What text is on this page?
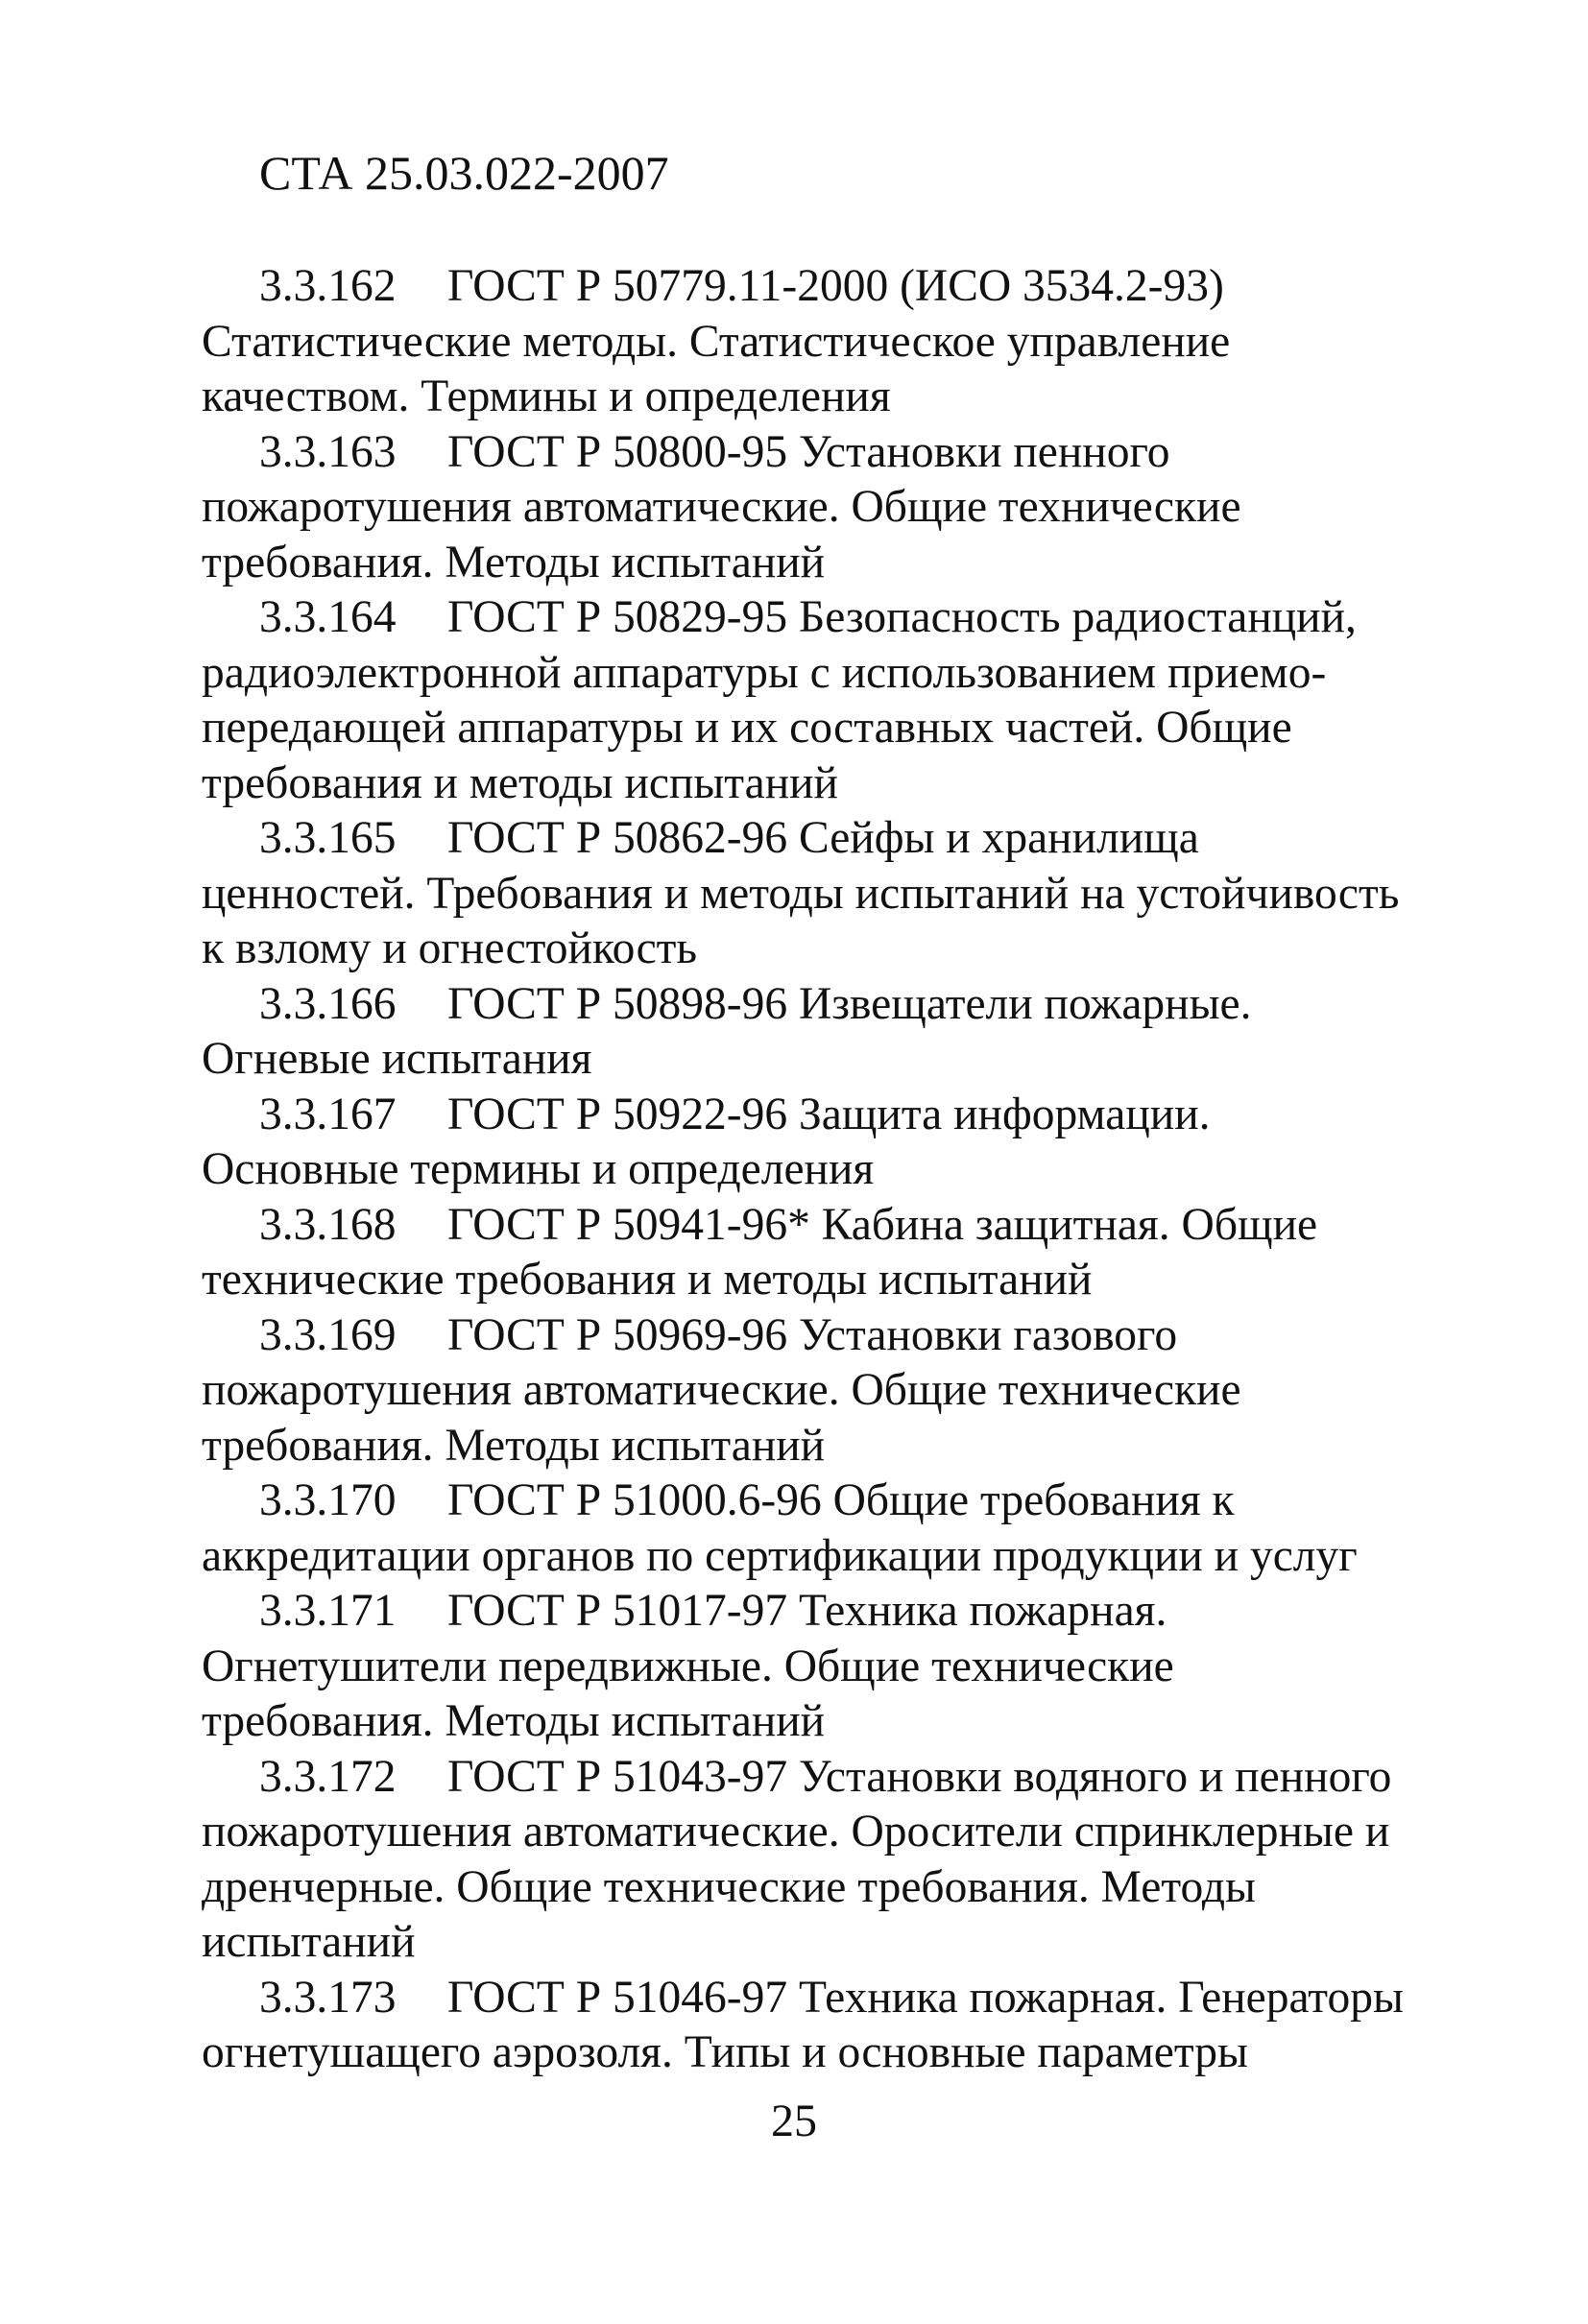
СТА 25.03.022-2007

3.3.162 ГОСТ Р 50779.11-2000 (ИСО 3534.2-93) Статистические методы. Статистическое управление качеством. Термины и определения

3.3.163 ГОСТ Р 50800-95 Установки пенного пожаротушения автоматические. Общие технические требования. Методы испытаний

3.3.164 ГОСТ Р 50829-95 Безопасность радиостанций, радиоэлектронной аппаратуры с использованием приемо-передающей аппаратуры и их составных частей. Общие требования и методы испытаний

3.3.165 ГОСТ Р 50862-96 Сейфы и хранилища ценностей. Требования и методы испытаний на устойчивость к взлому и огнестойкость

3.3.166 ГОСТ Р 50898-96 Извещатели пожарные. Огневые испытания

3.3.167 ГОСТ Р 50922-96 Защита информации. Основные термины и определения

3.3.168 ГОСТ Р 50941-96* Кабина защитная. Общие технические требования и методы испытаний

3.3.169 ГОСТ Р 50969-96 Установки газового пожаротушения автоматические. Общие технические требования. Методы испытаний

3.3.170 ГОСТ Р 51000.6-96 Общие требования к аккредитации органов по сертификации продукции и услуг

3.3.171 ГОСТ Р 51017-97 Техника пожарная. Огнетушители передвижные. Общие технические требования. Методы испытаний

3.3.172 ГОСТ Р 51043-97 Установки водяного и пенного пожаротушения автоматические. Оросители спринклерные и дренчерные. Общие технические требования. Методы испытаний

3.3.173 ГОСТ Р 51046-97 Техника пожарная. Генераторы огнетушащего аэрозоля. Типы и основные параметры

25
